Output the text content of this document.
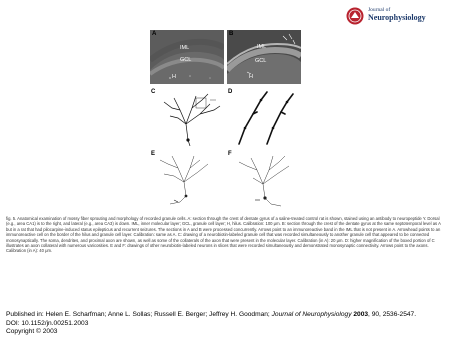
Journal of
Neurophysiology
A
IML
GCL
H
B
IML
GCL
H
C	D
E	F
fig. 5. Anatomical examination of mossy fiber sprouting and morphology of recorded granule cells. A: section through the crest of dentate gyrus of a saline-treated control rat is shown, stained using an antibody to neuropeptide Y. Dorsal (e.g., area CA1) is to the right, and lateral (e.g., area CA3) is down. IML, inner molecular layer; GCL, granule cell layer; H, hilus. Calibration: 100 μm. B: section through the crest of the dentate gyrus at the same septotemporal level as A but in a rat that had pilocarpine-induced status epilepticus and recurrent seizures. The sections in A and B were processed concurrently. Arrows point to an immunoreactive band in the IML that is not present in A. Arrowhead points to an immunoreactive cell on the border of the hilus and granule cell layer. Calibration: same as A. C: drawing of a neurobiotin-labeled granule cell that was recorded simultaneously to another granule cell that appeared to be connected monosynaptically. The soma, dendrites, and proximal axon are shown, as well as some of the collaterals of the axon that were present in the molecular layer. Calibration (in A): 20 μm. D: higher magnification of the boxed portion of C illustrates an axon collateral with numerous varicosities. E and F: drawings of other neurobiotin-labeled neurons in slices that were recorded simultaneously and demonstrated monosynaptic connectivity. Arrows point to the axons. Calibration (in A): 40 μm.
Published in: Helen E. Scharfman; Anne L. Sollas; Russell E. Berger; Jeffrey H. Goodman; Journal of Neurophysiology 2003, 90, 2536-2547.
DOI: 10.1152/jn.00251.2003
Copyright © 2003
